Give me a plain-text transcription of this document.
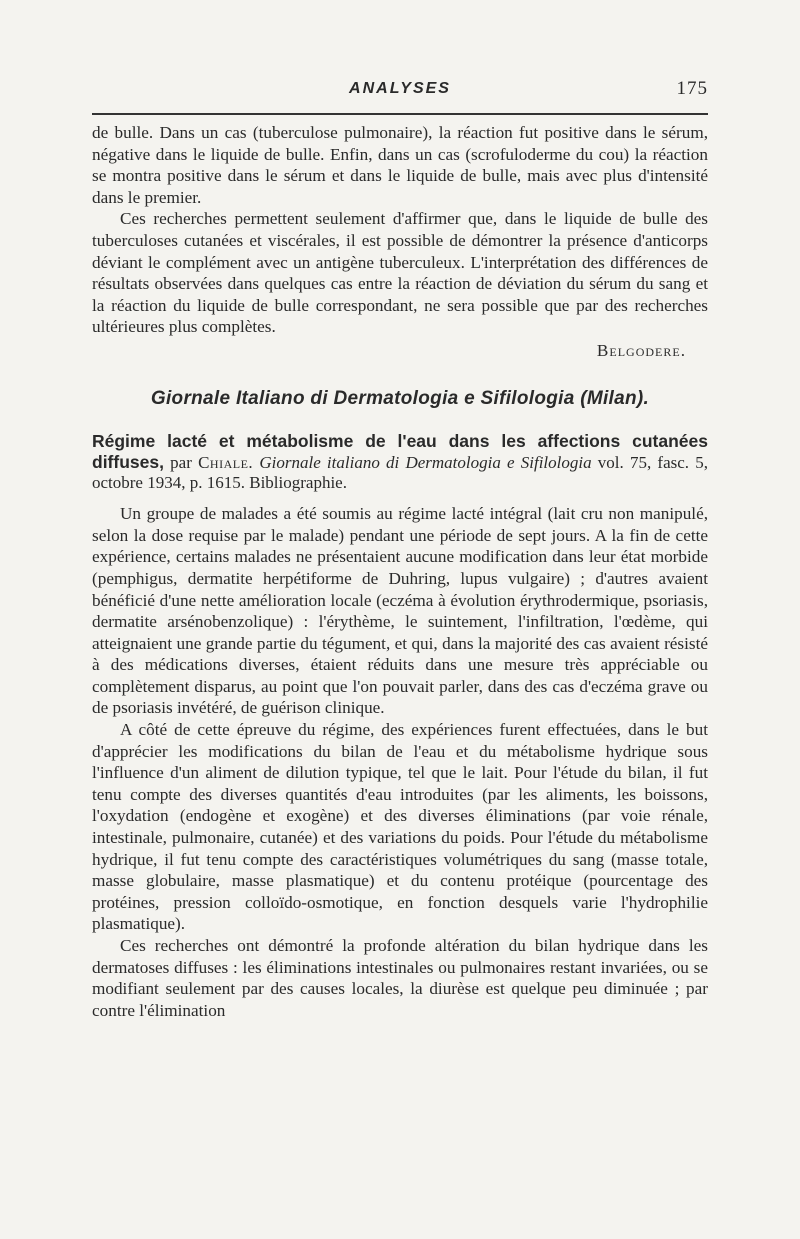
ANALYSES	175

de bulle. Dans un cas (tuberculose pulmonaire), la réaction fut positive dans le sérum, négative dans le liquide de bulle. Enfin, dans un cas (scrofuloderme du cou) la réaction se montra positive dans le sérum et dans le liquide de bulle, mais avec plus d'intensité dans le premier.

Ces recherches permettent seulement d'affirmer que, dans le liquide de bulle des tuberculoses cutanées et viscérales, il est possible de démontrer la présence d'anticorps déviant le complément avec un antigène tuberculeux. L'interprétation des différences de résultats observées dans quelques cas entre la réaction de déviation du sérum du sang et la réaction du liquide de bulle correspondant, ne sera possible que par des recherches ultérieures plus complètes.

Belgodere.

Giornale Italiano di Dermatologia e Sifilologia (Milan).
Régime lacté et métabolisme de l'eau dans les affections cutanées diffuses, par Chiale. Giornale italiano di Dermatologia e Sifilologia vol. 75, fasc. 5, octobre 1934, p. 1615. Bibliographie.

Un groupe de malades a été soumis au régime lacté intégral (lait cru non manipulé, selon la dose requise par le malade) pendant une période de sept jours. A la fin de cette expérience, certains malades ne présentaient aucune modification dans leur état morbide (pemphigus, dermatite herpétiforme de Duhring, lupus vulgaire) ; d'autres avaient bénéficié d'une nette amélioration locale (eczéma à évolution érythrodermique, psoriasis, dermatite arsénobenzolique) : l'érythème, le suintement, l'infiltration, l'œdème, qui atteignaient une grande partie du tégument, et qui, dans la majorité des cas avaient résisté à des médications diverses, étaient réduits dans une mesure très appréciable ou complètement disparus, au point que l'on pouvait parler, dans des cas d'eczéma grave ou de psoriasis invétéré, de guérison clinique.

A côté de cette épreuve du régime, des expériences furent effectuées, dans le but d'apprécier les modifications du bilan de l'eau et du métabolisme hydrique sous l'influence d'un aliment de dilution typique, tel que le lait. Pour l'étude du bilan, il fut tenu compte des diverses quantités d'eau introduites (par les aliments, les boissons, l'oxydation (endogène et exogène) et des diverses éliminations (par voie rénale, intestinale, pulmonaire, cutanée) et des variations du poids. Pour l'étude du métabolisme hydrique, il fut tenu compte des caractéristiques volumétriques du sang (masse totale, masse globulaire, masse plasmatique) et du contenu protéique (pourcentage des protéines, pression colloïdo-osmotique, en fonction desquels varie l'hydrophilie plasmatique).

Ces recherches ont démontré la profonde altération du bilan hydrique dans les dermatoses diffuses : les éliminations intestinales ou pulmonaires restant invariées, ou se modifiant seulement par des causes locales, la diurèse est quelque peu diminuée ; par contre l'élimination
